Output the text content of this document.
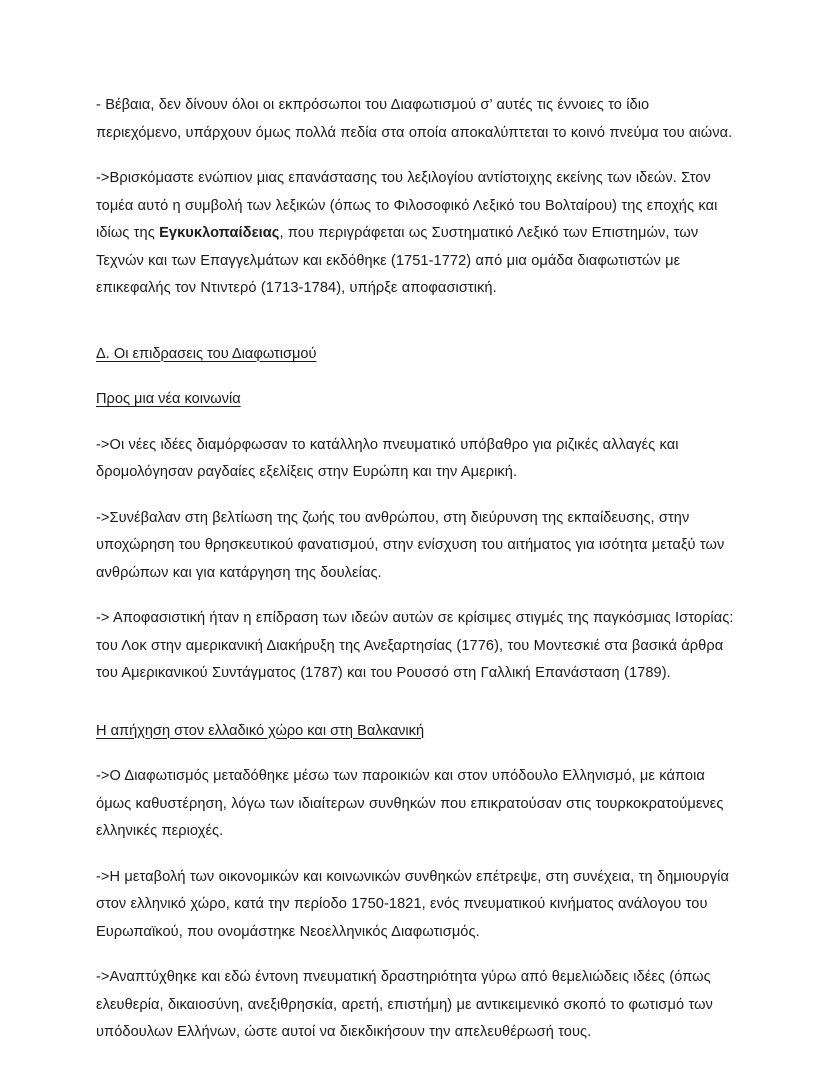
- Βέβαια, δεν δίνουν όλοι οι εκπρόσωποι του Διαφωτισμού σ’ αυτές τις έννοιες το ίδιο περιεχόμενο, υπάρχουν όμως πολλά πεδία στα οποία αποκαλύπτεται το κοινό πνεύμα του αιώνα.

->Βρισκόμαστε ενώπιον μιας επανάστασης του λεξιλογίου αντίστοιχης εκείνης των ιδεών. Στον τομέα αυτό η συμβολή των λεξικών (όπως το Φιλοσοφικό Λεξικό του Βολταίρου) της εποχής και ιδίως της Εγκυκλοπαίδειας, που περιγράφεται ως Συστηματικό Λεξικό των Επιστημών, των Τεχνών και των Επαγγελμάτων και εκδόθηκε (1751-1772) από μια ομάδα διαφωτιστών με επικεφαλής τον Ντιντερό (1713-1784), υπήρξε αποφασιστική.

Δ. Οι επιδρασεις του Διαφωτισμού
Προς μια νέα κοινωνία

->Οι νέες ιδέες διαμόρφωσαν το κατάλληλο πνευματικό υπόβαθρο για ριζικές αλλαγές και δρομολόγησαν ραγδαίες εξελίξεις στην Ευρώπη και την Αμερική.

->Συνέβαλαν στη βελτίωση της ζωής του ανθρώπου, στη διεύρυνση της εκπαίδευσης, στην υποχώρηση του θρησκευτικού φανατισμού, στην ενίσχυση του αιτήματος για ισότητα μεταξύ των ανθρώπων και για κατάργηση της δουλείας.

-> Αποφασιστική ήταν η επίδραση των ιδεών αυτών σε κρίσιμες στιγμές της παγκόσμιας Ιστορίας: του Λοκ στην αμερικανική Διακήρυξη της Ανεξαρτησίας (1776), του Μοντεσκιέ στα βασικά άρθρα του Αμερικανικού Συντάγματος (1787) και του Ρουσσό στη Γαλλική Επανάσταση (1789).

Η απήχηση στον ελλαδικό χώρο και στη Βαλκανική

->Ο Διαφωτισμός μεταδόθηκε μέσω των παροικιών και στον υπόδουλο Ελληνισμό, με κάποια όμως καθυστέρηση, λόγω των ιδιαίτερων συνθηκών που επικρατούσαν στις τουρκοκρατούμενες ελληνικές περιοχές.

->Η μεταβολή των οικονομικών και κοινωνικών συνθηκών επέτρεψε, στη συνέχεια, τη δημιουργία στον ελληνικό χώρο, κατά την περίοδο 1750-1821, ενός πνευματικού κινήματος ανάλογου του Ευρωπαϊκού, που ονομάστηκε Νεοελληνικός Διαφωτισμός.

->Αναπτύχθηκε και εδώ έντονη πνευματική δραστηριότητα γύρω από θεμελιώδεις ιδέες (όπως ελευθερία, δικαιοσύνη, ανεξιθρησκία, αρετή, επιστήμη) με αντικειμενικό σκοπό το φωτισμό των υπόδουλων Ελλήνων, ώστε αυτοί να διεκδικήσουν την απελευθέρωσή τους.
